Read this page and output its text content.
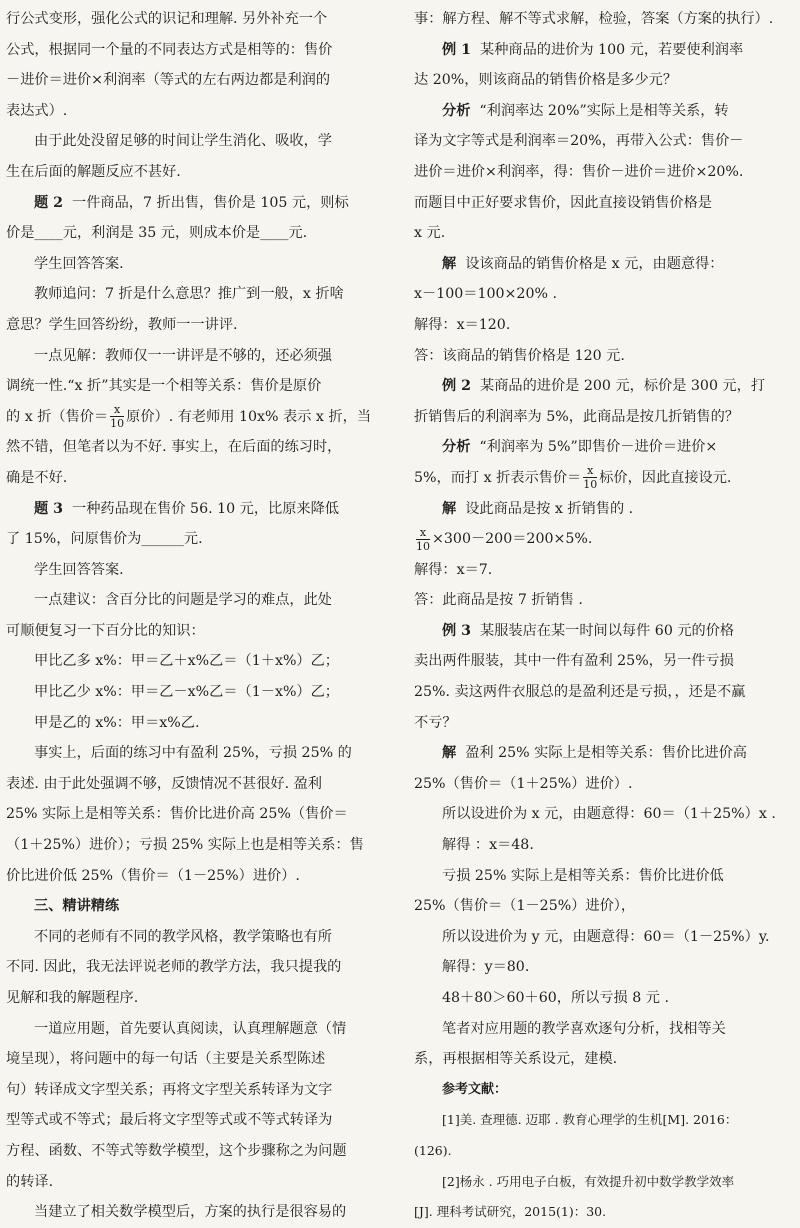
行公式变形，强化公式的识记和理解. 另外补充一个
公式，根据同一个量的不同表达方式是相等的：售价
－进价＝进价×利润率（等式的左右两边都是利润的
表达式）.
由于此处没留足够的时间让学生消化、吸收，学
生在后面的解题反应不甚好.
题 2 一件商品，7 折出售，售价是 105 元，则标
价是____元，利润是 35 元，则成本价是____元.
学生回答答案.
教师追问：7 折是什么意思？推广到一般，x 折啥
意思？学生回答纷纷，教师一一讲评.
一点见解：教师仅一一讲评是不够的，还必须强
调统一性.“x 折”其实是一个相等关系：售价是原价
的 x 折（售价＝ $\frac{x}{10}$ 原价）. 有老师用 10x% 表示 x 折，当
然不错，但笔者以为不好. 事实上，在后面的练习时，
确是不好.
题 3 一种药品现在售价 56. 10 元，比原来降低
了 15%，问原售价为______元.
学生回答答案.
一点建议：含百分比的问题是学习的难点，此处
可顺便复习一下百分比的知识：
甲比乙多 x%：甲＝乙＋x%乙＝（1＋x%）乙；
甲比乙少 x%：甲＝乙－x%乙＝（1－x%）乙；
甲是乙的 x%：甲＝x%乙.
事实上，后面的练习中有盈利 25%，亏损 25% 的
表述. 由于此处强调不够，反馈情况不甚很好. 盈利
25% 实际上是相等关系：售价比进价高 25%（售价＝
（1＋25%）进价）；亏损 25% 实际上也是相等关系：售
价比进价低 25%（售价＝（1－25%）进价）.
三、精讲精练
不同的老师有不同的教学风格，教学策略也有所
不同. 因此，我无法评说老师的教学方法，我只提我的
见解和我的解题程序.
一道应用题，首先要认真阅读，认真理解题意（情
境呈现），将问题中的每一句话（主要是关系型陈述
句）转译成文字型关系；再将文字型关系转译为文字
型等式或不等式；最后将文字型等式或不等式转译为
方程、函数、不等式等数学模型，这个步骤称之为问题
的转译.
当建立了相关数学模型后，方案的执行是很容易的
事：解方程、解不等式求解，检验，答案（方案的执行）.
例 1 某种商品的进价为 100 元，若要使利润率
达 20%，则该商品的销售价格是多少元？
分析 “利润率达 20%”实际上是相等关系，转
译为文字等式是利润率＝20%，再带入公式：售价－
进价＝进价×利润率，得：售价－进价＝进价×20%.
而题目中正好要求售价，因此直接设销售价格是
x 元.
解 设该商品的销售价格是 x 元，由题意得：
x－100＝100×20% .
解得：x＝120.
答：该商品的销售价格是 120 元.
例 2 某商品的进价是 200 元，标价是 300 元，打
折销售后的利润率为 5%，此商品是按几折销售的？
分析 “利润率为 5%”即售价－进价＝进价×
5%，而打 x 折表示售价＝ $\frac{x}{10}$ 标价，因此直接设元.
解 设此商品是按 x 折销售的 .
$\frac{x}{10} \times 300-200=200\times 5\%$.
解得：x＝7.
答：此商品是按 7 折销售 .
例 3 某服装店在某一时间以每件 60 元的价格
卖出两件服装，其中一件有盈利 25%，另一件亏损
25%. 卖这两件衣服总的是盈利还是亏损，，还是不赢
不亏？
解 盈利 25% 实际上是相等关系：售价比进价高
25%（售价＝（1＋25%）进价）.
所以设进价为 x 元，由题意得：60＝（1＋25%）x .
解得 ：x＝48.
亏损 25% 实际上是相等关系：售价比进价低
25%（售价＝（1－25%）进价），
所以设进价为 y 元，由题意得：60＝（1－25%）y.
解得：y＝80.
48＋80＞60＋60，所以亏损 8 元 .
笔者对应用题的教学喜欢逐句分析，找相等关
系，再根据相等关系设元，建模.
参考文献：
[1]美. 查理德. 迈耶 . 教育心理学的生机[M]. 2016：
(126).
[2]杨永 . 巧用电子白板，有效提升初中数学教学效率
[J]. 理科考试研究，2015(1)：30.
